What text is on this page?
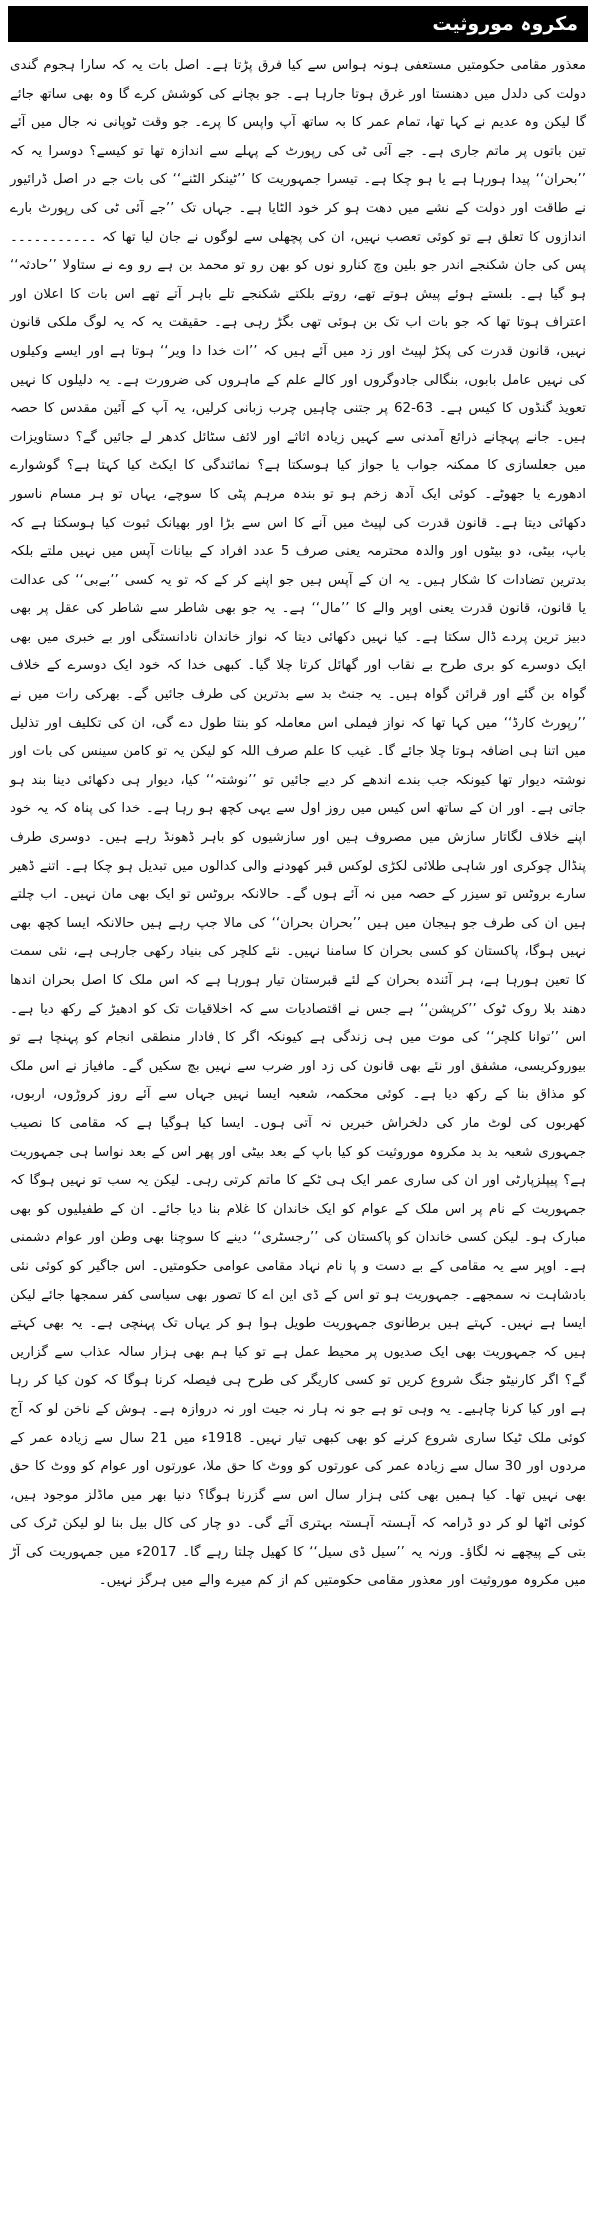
مکروہ موروثیت

معذور مقامی حکومتیں مستعفی ہونہ ہواس سے کیا فرق پڑتا ہے۔ اصل بات یہ کہ سارا ہجوم گندی دولت کی دلدل میں دھنستا اور غرق ہوتا جارہا ہے۔ جو بچانے کی کوشش کرے گا وہ بھی ساتھ جائے گا لیکن وہ عدیم نے کہا تھا، تمام عمر کا بہ ساتھ آپ واپس کا پرے۔ جو وقت ٹوپانی نہ جال میں آئے تین باتوں پر ماتم جاری ہے۔ جے آئی ٹی کی رپورٹ کے پہلے سے اندازہ تھا تو کیسے؟ دوسرا یہ کہ ’’بحران‘‘ پیدا ہورہا ہے یا ہو چکا ہے۔ تیسرا جمہوریت کا ’’ٹینکر الٹنے‘‘ کی بات جے در اصل ڈرائیور نے طاقت اور دولت کے نشے میں دھت ہو کر خود الٹایا ہے۔ جہاں تک ’’جے آئی ٹی کی رپورٹ بارے اندازوں کا تعلق ہے تو کوئی تعصب نہیں، ان کی پچھلی سے لوگوں نے جان لیا تھا کہ ۔۔۔۔۔۔۔۔۔۔۔ پس کی جان شکنجے اندر جو بلین وچ کنارو نوں کو بھن رو تو محمد بن ہے رو وے نے ستاولا ’’حادثہ‘‘ ہو گیا ہے۔ بلستے ہوئے پیش ہوتے تھے، روتے بلکتے شکنجے تلے باہر آتے تھے اس بات کا اعلان اور اعتراف ہوتا تھا کہ جو بات اب تک بن ہوئی تھی بگڑ رہی ہے۔ حقیقت یہ کہ یہ لوگ ملکی قانون نہیں، قانون قدرت کی پکڑ لپیٹ اور زد میں آئے ہیں کہ ’’ات خدا دا ویر‘‘ ہوتا ہے اور ایسے وکیلوں کی نہیں عامل بابوں، بنگالی جادوگروں اور کالے علم کے ماہروں کی ضرورت ہے۔ یہ دلیلوں کا نہیں تعویذ گنڈوں کا کیس ہے۔ 63-62 پر جتنی چاہیں چرب زبانی کرلیں، یہ آپ کے آئین مقدس کا حصہ ہیں۔ جانے پہچانے ذرائع آمدنی سے کہیں زیادہ اثاثے اور لائف سٹائل کدھر لے جائیں گے؟ دستاویزات میں جعلسازی کا ممکنہ جواب یا جواز کیا ہوسکتا ہے؟ نمائندگی کا ایکٹ کیا کہتا ہے؟ گوشوارے ادھورے یا جھوٹے۔ کوئی ایک آدھ زخم ہو تو بندہ مرہم پٹی کا سوچے، یہاں تو ہر مسام ناسور دکھائی دیتا ہے۔ قانون قدرت کی لپیٹ میں آنے کا اس سے بڑا اور بھیانک ثبوت کیا ہوسکتا ہے کہ باپ، بیٹی، دو بیٹوں اور والدہ محترمہ یعنی صرف 5 عدد افراد کے بیانات آپس میں نہیں ملتے بلکہ بدترین تضادات کا شکار ہیں۔ یہ ان کے آپس ہیں جو اپنے کر کے کہ تو یہ کسی ’’بےبی‘‘ کی عدالت یا قانون، قانون قدرت یعنی اوپر والے کا ’’مال‘‘ ہے۔ یہ جو بھی شاطر سے شاطر کی عقل پر بھی دبیز ترین پردے ڈال سکتا ہے۔ کیا نہیں دکھائی دیتا کہ نواز خاندان نادانستگی اور بے خبری میں بھی ایک دوسرے کو بری طرح بے نقاب اور گھائل کرتا چلا گیا۔ کبھی خدا کہ خود ایک دوسرے کے خلاف گواہ بن گئے اور قرائن گواہ ہیں۔ یہ جنٹ بد سے بدترین کی طرف جائیں گے۔ بھرکی رات میں نے ’’رپورٹ کارڈ‘‘ میں کہا تھا کہ نواز فیملی اس معاملہ کو بنتا طول دے گی، ان کی تکلیف اور تذلیل میں اتنا ہی اضافہ ہوتا چلا جائے گا۔ غیب کا علم صرف اللہ کو لیکن یہ تو کامن سینس کی بات اور نوشتہ دیوار تھا کیونکہ جب بندے اندھے کر دیے جائیں تو ’’نوشتہ‘‘ کیا، دیوار ہی دکھائی دینا بند ہو جاتی ہے۔ اور ان کے ساتھ اس کیس میں روز اول سے یہی کچھ ہو رہا ہے۔ خدا کی پناہ کہ یہ خود اپنے خلاف لگاتار سازش میں مصروف ہیں اور سازشیوں کو باہر ڈھونڈ رہے ہیں۔ دوسری طرف پنڈال چوکری اور شاہی طلائی لکڑی لوکس قبر کھودنے والی کدالوں میں تبدیل ہو چکا ہے۔ اتنے ڈھیر سارے بروٹس تو سیزر کے حصہ میں نہ آئے ہوں گے۔ حالانکہ بروٹس تو ایک بھی مان نہیں۔ اب چلتے ہیں ان کی طرف جو ہیجان میں ہیں ’’بحران بحران‘‘ کی مالا جپ رہے ہیں حالانکہ ایسا کچھ بھی نہیں ہوگا، پاکستان کو کسی بحران کا سامنا نہیں۔ نئے کلچر کی بنیاد رکھی جارہی ہے، نئی سمت کا تعین ہورہا ہے، ہر آئندہ بحران کے لئے قبرستان تیار ہورہا ہے کہ اس ملک کا اصل بحران اندھا دھند بلا روک ٹوک ’’کرپشن‘‘ ہے جس نے اقتصادیات سے کہ اخلاقیات تک کو ادھیڑ کے رکھ دیا ہے۔ اس ’’توانا کلچر‘‘ کی موت میں ہی زندگی ہے کیونکہ اگر کا ٖفادار منطقی انجام کو پہنچا ہے تو بیوروکریسی، مشفق اور نئے بھی قانون کی زد اور ضرب سے نہیں بچ سکیں گے۔ مافیاز نے اس ملک کو مذاق بنا کے رکھ دیا ہے۔ کوئی محکمہ، شعبہ ایسا نہیں جہاں سے آئے روز کروڑوں، اربوں، کھربوں کی لوٹ مار کی دلخراش خبریں نہ آتی ہوں۔ ایسا کیا ہوگیا ہے کہ مقامی کا نصیب جمہوری شعبہ بد بد مکروہ موروثیت کو کیا باپ کے بعد بیٹی اور پھر اس کے بعد نواسا ہی جمہوریت ہے؟ پیپلزپارٹی اور ان کی ساری عمر ایک ہی ٹکے کا ماتم کرتی رہی۔ لیکن یہ سب تو نہیں ہوگا کہ جمہوریت کے نام پر اس ملک کے عوام کو ایک خاندان کا غلام بنا دیا جائے۔ ان کے طفیلیوں کو بھی مبارک ہو۔ لیکن کسی خاندان کو پاکستان کی ’’رجسٹری‘‘ دینے کا سوچنا بھی وطن اور عوام دشمنی ہے۔ اوپر سے یہ مقامی کے بے دست و پا نام نہاد مقامی عوامی حکومتیں۔ اس جاگیر کو کوئی نئی بادشاہت نہ سمجھے۔ جمہوریت ہو تو اس کے ڈی این اے کا تصور بھی سیاسی کفر سمجھا جائے لیکن ایسا ہے نہیں۔ کہتے ہیں برطانوی جمہوریت طویل ہوا ہو کر یہاں تک پہنچی ہے۔ یہ بھی کہتے ہیں کہ جمہوریت بھی ایک صدیوں پر محیط عمل ہے تو کیا ہم بھی ہزار سالہ عذاب سے گزاریں گے؟ اگر کارنیٹو جنگ شروع کریں تو کسی کاریگر کی طرح ہی فیصلہ کرنا ہوگا کہ کون کیا کر رہا ہے اور کیا کرنا چاہیے۔ یہ وہی تو ہے جو نہ ہار نہ جیت اور نہ دروازہ ہے۔ ہوش کے ناخن لو کہ آج کوئی ملک ٹیکا ساری شروع کرنے کو بھی کبھی تیار نہیں۔ 1918ء میں 21 سال سے زیادہ عمر کے مردوں اور 30 سال سے زیادہ عمر کی عورتوں کو ووٹ کا حق ملا، عورتوں اور عوام کو ووٹ کا حق بھی نہیں تھا۔ کیا ہمیں بھی کئی ہزار سال اس سے گزرنا ہوگا؟ دنیا بھر میں ماڈلز موجود ہیں، کوئی اٹھا لو کر دو ڈرامہ کہ آہستہ آہستہ بہتری آئے گی۔ دو چار کی کال بیل بنا لو لیکن ٹرک کی بتی کے پیچھے نہ لگاؤ۔ ورنہ یہ ’’سیل ڈی سیل‘‘ کا کھیل چلتا رہے گا۔ 2017ء میں جمہوریت کی آڑ میں مکروہ موروثیت اور معذور مقامی حکومتیں کم از کم میرے والے میں ہرگز نہیں۔
